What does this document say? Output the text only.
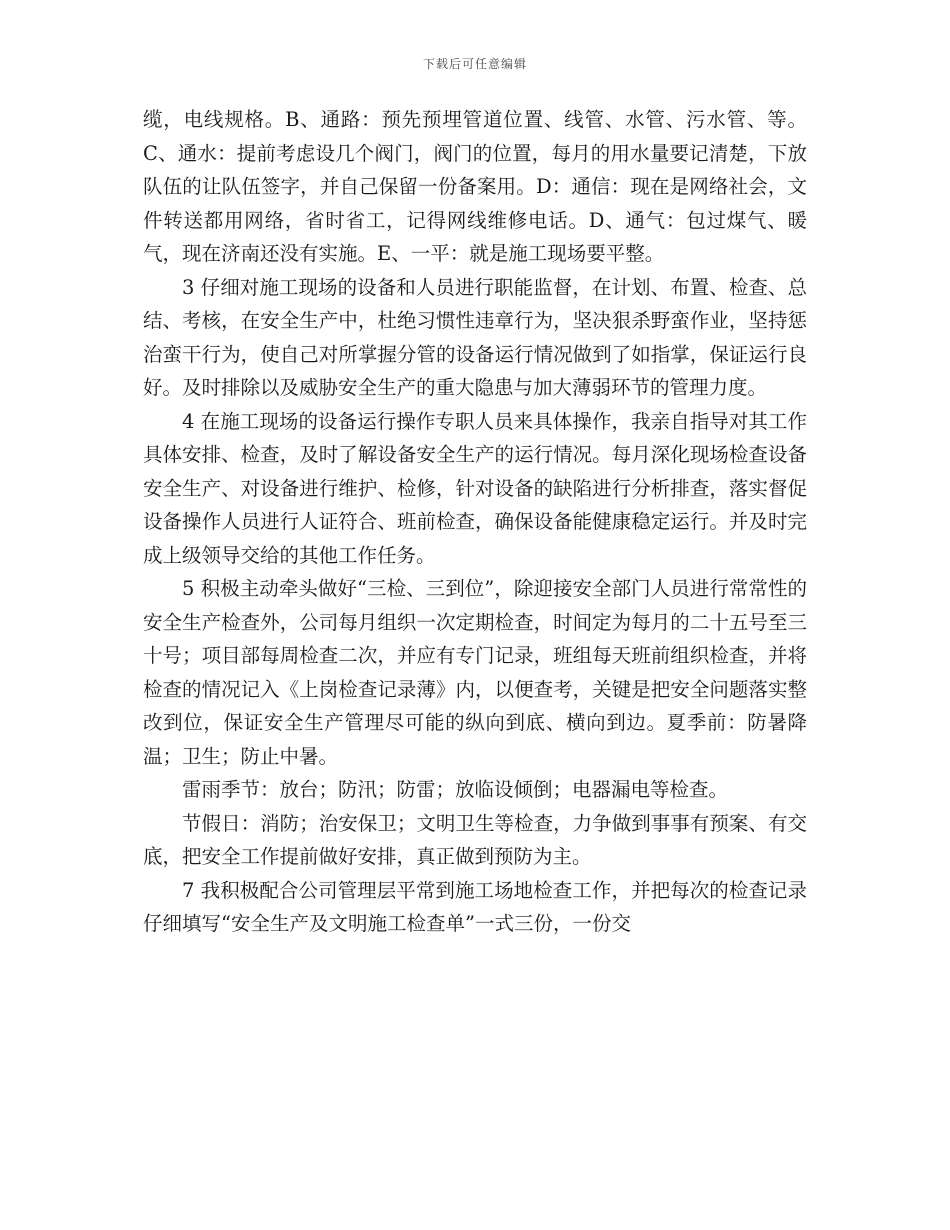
下载后可任意编辑

缆，电线规格。B、通路：预先预埋管道位置、线管、水管、污水管、等。C、通水：提前考虑设几个阀门，阀门的位置，每月的用水量要记清楚，下放队伍的让队伍签字，并自己保留一份备案用。D：通信：现在是网络社会，文件转送都用网络，省时省工，记得网线维修电话。D、通气：包过煤气、暖气，现在济南还没有实施。E、一平：就是施工现场要平整。

3 仔细对施工现场的设备和人员进行职能监督，在计划、布置、检查、总结、考核，在安全生产中，杜绝习惯性违章行为，坚决狠杀野蛮作业，坚持惩治蛮干行为，使自己对所掌握分管的设备运行情况做到了如指掌，保证运行良好。及时排除以及威胁安全生产的重大隐患与加大薄弱环节的管理力度。

4 在施工现场的设备运行操作专职人员来具体操作，我亲自指导对其工作具体安排、检查，及时了解设备安全生产的运行情况。每月深化现场检查设备安全生产、对设备进行维护、检修，针对设备的缺陷进行分析排查，落实督促设备操作人员进行人证符合、班前检查，确保设备能健康稳定运行。并及时完成上级领导交给的其他工作任务。

5 积极主动牵头做好“三检、三到位”，除迎接安全部门人员进行常常性的安全生产检查外，公司每月组织一次定期检查，时间定为每月的二十五号至三十号；项目部每周检查二次，并应有专门记录，班组每天班前组织检查，并将检查的情况记入《上岗检查记录薄》内，以便查考，关键是把安全问题落实整改到位，保证安全生产管理尽可能的纵向到底、横向到边。夏季前：防暑降温；卫生；防止中暑。

雷雨季节：放台；防汛；防雷；放临设倾倒；电器漏电等检查。

节假日：消防；治安保卫；文明卫生等检查，力争做到事事有预案、有交底，把安全工作提前做好安排，真正做到预防为主。

7 我积极配合公司管理层平常到施工场地检查工作，并把每次的检查记录仔细填写“安全生产及文明施工检查单”一式三份，一份交
